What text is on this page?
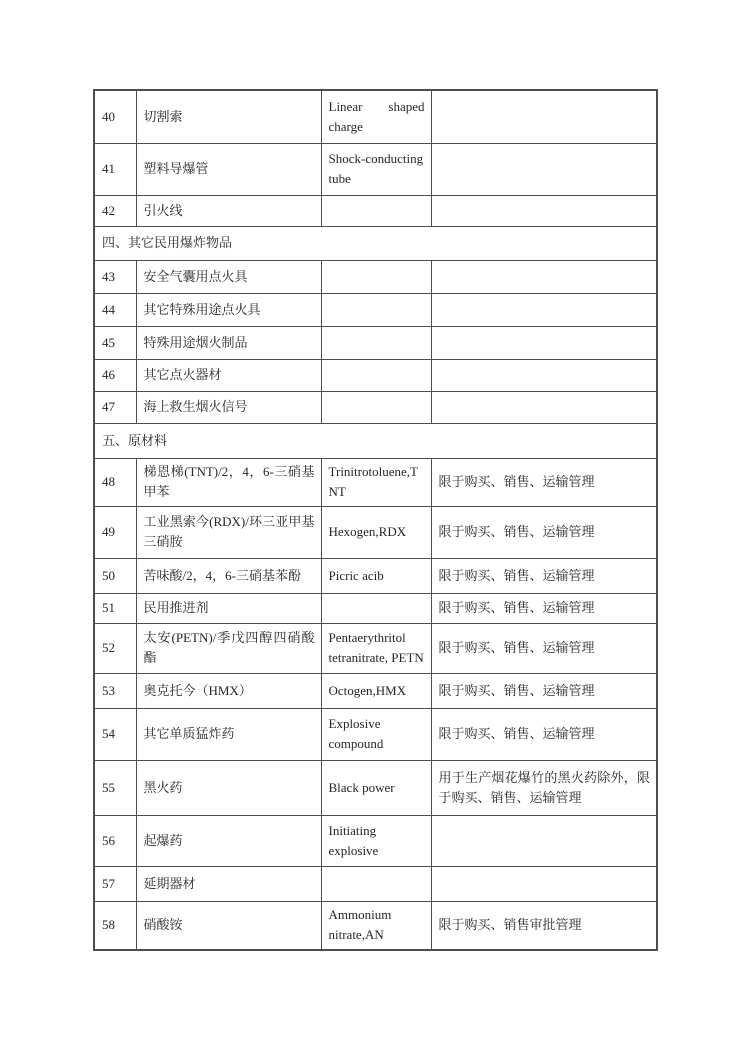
40	切割索	Linear shaped charge	
41	塑料导爆管	Shock-conducting tube	
42	引火线		
四、其它民用爆炸物品			
43	安全气囊用点火具		
44	其它特殊用途点火具		
45	特殊用途烟火制品		
46	其它点火器材		
47	海上救生烟火信号		
五、原材料			
48	梯恩梯(TNT)/2，4，6-三硝基甲苯	Trinitrotoluene,TNT	限于购买、销售、运输管理
49	工业黑索今(RDX)/环三亚甲基三硝胺	Hexogen,RDX	限于购买、销售、运输管理
50	苦味酸/2，4，6-三硝基苯酚	Picric acib	限于购买、销售、运输管理
51	民用推进剂		限于购买、销售、运输管理
52	太安(PETN)/季戊四醇四硝酸酯	Pentaerythritol tetranitrate, PETN	限于购买、销售、运输管理
53	奥克托今（HMX）	Octogen,HMX	限于购买、销售、运输管理
54	其它单质猛炸药	Explosive compound	限于购买、销售、运输管理
55	黑火药	Black power	用于生产烟花爆竹的黑火药除外，限于购买、销售、运输管理
56	起爆药	Initiating explosive	
57	延期器材		
58	硝酸铵	Ammonium nitrate,AN	限于购买、销售审批管理
